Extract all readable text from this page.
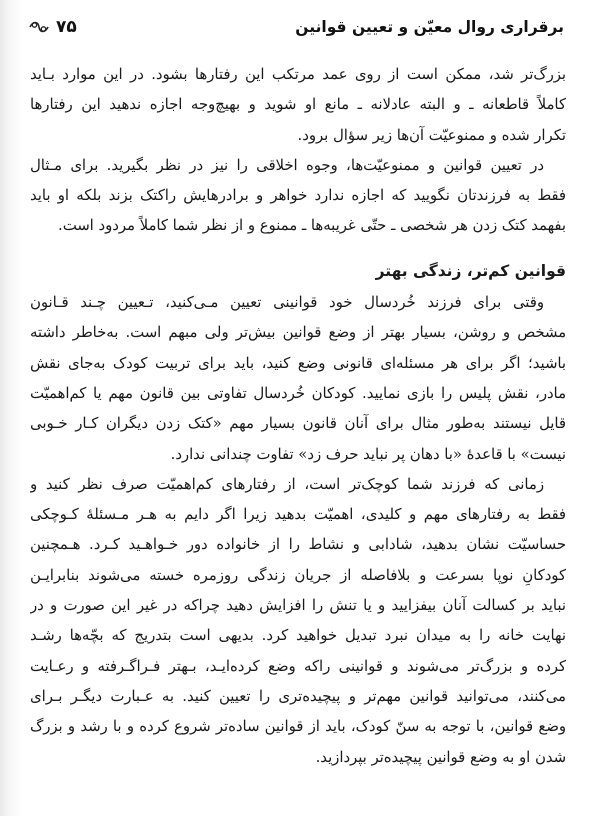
برقراری روال معیّن و تعیین قوانین
۷۵
بزرگ‌تر شد، ممکن است از روی عمد مرتکب این رفتارها بشود. در این موارد بـاید
کاملاً قاطعانه ـ و البته عادلانه ـ مانع او شوید و بهیچ‌وجه اجازه ندهید این رفتارها
تکرار شده و ممنوعیّت آن‌ها زیر سؤال برود.
در تعیین قوانین و ممنوعیّت‌ها، وجوه اخلاقی را نیز در نظر بگیرید. برای مـثال
فقط به فرزندتان نگویید که اجازه ندارد خواهر و برادرهایش راکتک بزند بلکه او باید
بفهمد کتک زدن هر شخصی ـ حتّی غریبه‌ها ـ ممنوع و از نظر شما کاملاً مردود است.
قوانین کم‌تر، زندگی بهتر
وقتی برای فرزند خُردسال خود قوانینی تعیین مـی‌کنید، تـعیین چـند قـانون
مشخص و روشن، بسیار بهتر از وضع قوانین بیش‌تر ولی مبهم است. به‌خاطر داشته
باشید؛ اگر برای هر مسئله‌ای قانونی وضع کنید، باید برای تربیت کودک به‌جای نقش
مادر، نقش پلیس را بازی نمایید. کودکان خُردسال تفاوتی بین قانون مهم یا کم‌اهمیّت
قایل نیستند به‌طور مثال برای آنان قانون بسیار مهم «کتک زدن دیگران کـار خـوبی
نیست» با قاعدهٔ «با دهان پر نباید حرف زد» تفاوت چندانی ندارد.
زمانی که فرزند شما کوچک‌تر است، از رفتارهای کم‌اهمیّت صرف نظر کنید و
فقط به رفتارهای مهم و کلیدی، اهمیّت بدهید زیرا اگر دایم به هـر مـسئلهٔ کـوچکی
حساسیّت نشان بدهید، شادابی و نشاط را از خانواده دور خـواهـید کـرد. هـمچنین
کودکانِ نوپا بسرعت و بلافاصله از جریان زندگی روزمره خسته می‌شوند بنابرایـن
نباید بر کسالت آنان بیفزایید و یا تنش را افزایش دهید چراکه در غیر این صورت و در
نهایت خانه را به میدان نبرد تبدیل خواهید کرد. بدیهی است بتدریج که بچّه‌ها رشـد
کرده و بزرگ‌تر می‌شوند و قوانینی راکه وضع کرده‌ایـد، بـهتر فـراگـرفته و رعـایت
می‌کنند، می‌توانید قوانین مهم‌تر و پیچیده‌تری را تعیین کنید. به عـبارت دیگـر بـرای
وضع قوانین، با توجه به سنّ کودک، باید از قوانین ساده‌تر شروع کرده و با رشد و بزرگ
شدن او به وضع قوانین پیچیده‌تر بپردازید.
